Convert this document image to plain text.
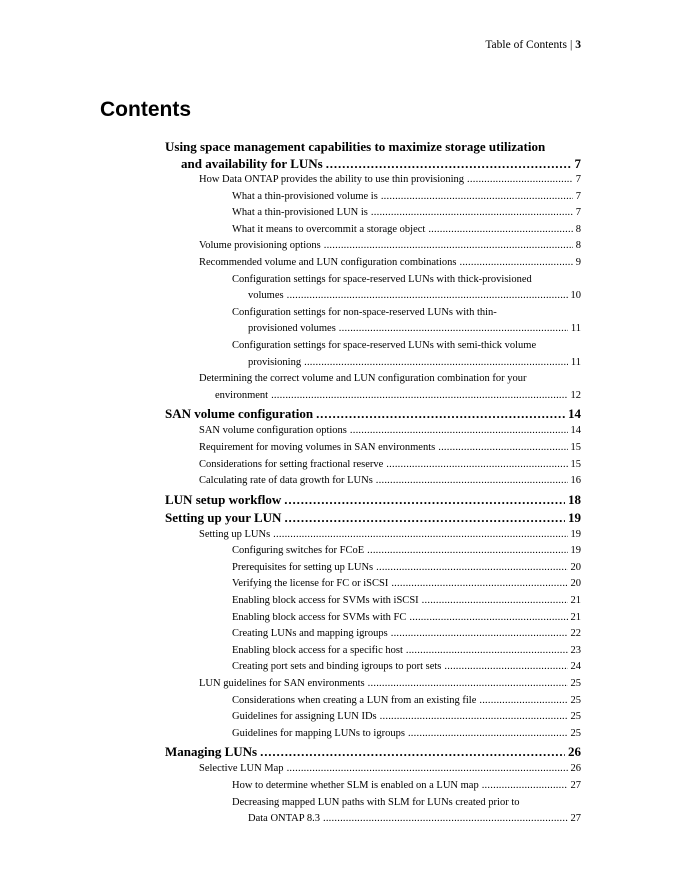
Table of Contents | 3
Contents
Using space management capabilities to maximize storage utilization
and availability for LUNs . . .	7
How Data ONTAP provides the ability to use thin provisioning . . .	7
What a thin-provisioned volume is . . .	7
What a thin-provisioned LUN is . . .	7
What it means to overcommit a storage object . . .	8
Volume provisioning options . . .	8
Recommended volume and LUN configuration combinations . . .	9
Configuration settings for space-reserved LUNs with thick-provisioned
volumes . . .	10
Configuration settings for non-space-reserved LUNs with thin-
provisioned volumes . . .	11
Configuration settings for space-reserved LUNs with semi-thick volume
provisioning . . .	11
Determining the correct volume and LUN configuration combination for your
environment . . .	12
SAN volume configuration . . .	14
SAN volume configuration options . . .	14
Requirement for moving volumes in SAN environments . . .	15
Considerations for setting fractional reserve . . .	15
Calculating rate of data growth for LUNs . . .	16
LUN setup workflow . . .	18
Setting up your LUN . . .	19
Setting up LUNs . . .	19
Configuring switches for FCoE . . .	19
Prerequisites for setting up LUNs . . .	20
Verifying the license for FC or iSCSI . . .	20
Enabling block access for SVMs with iSCSI . . .	21
Enabling block access for SVMs with FC . . .	21
Creating LUNs and mapping igroups . . .	22
Enabling block access for a specific host . . .	23
Creating port sets and binding igroups to port sets . . .	24
LUN guidelines for SAN environments . . .	25
Considerations when creating a LUN from an existing file . . .	25
Guidelines for assigning LUN IDs . . .	25
Guidelines for mapping LUNs to igroups . . .	25
Managing LUNs . . .	26
Selective LUN Map . . .	26
How to determine whether SLM is enabled on a LUN map . . .	27
Decreasing mapped LUN paths with SLM for LUNs created prior to
Data ONTAP 8.3 . . .	27
